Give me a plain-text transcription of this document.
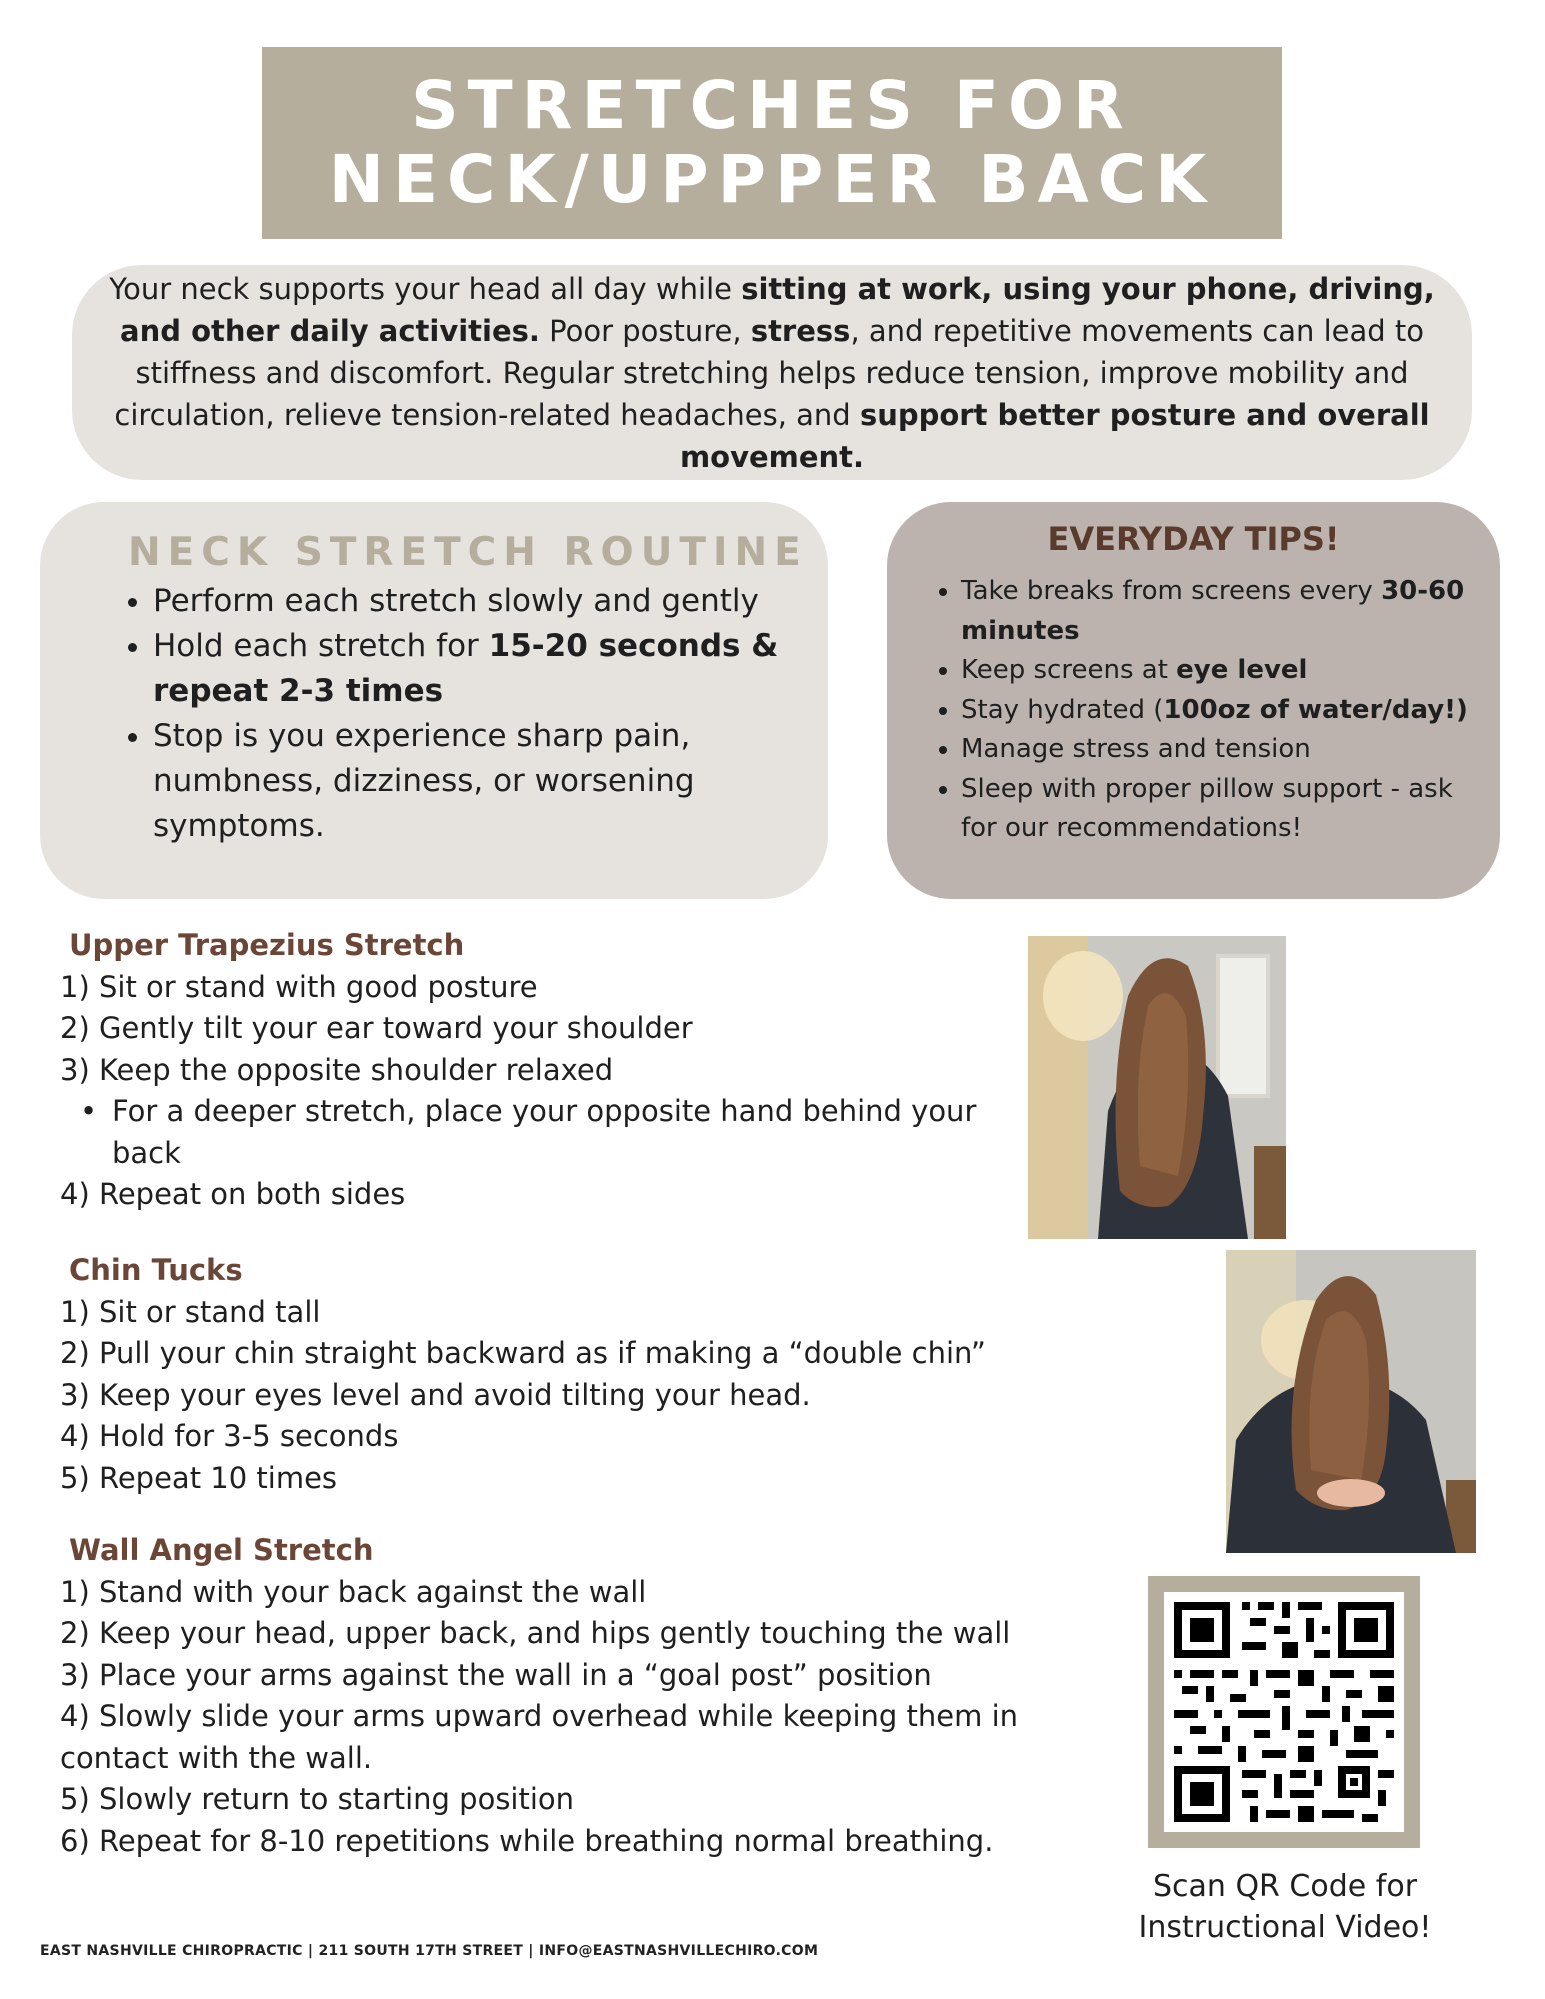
STRETCHES FOR
NECK/UPPPER BACK

Your neck supports your head all day while sitting at work, using your phone, driving, and other daily activities. Poor posture, stress, and repetitive movements can lead to stiffness and discomfort. Regular stretching helps reduce tension, improve mobility and circulation, relieve tension-related headaches, and support better posture and overall movement.

NECK STRETCH ROUTINE
• Perform each stretch slowly and gently
• Hold each stretch for 15-20 seconds & repeat 2-3 times
• Stop is you experience sharp pain, numbness, dizziness, or worsening symptoms.
EVERYDAY TIPS!
• Take breaks from screens every 30-60 minutes
• Keep screens at eye level
• Stay hydrated (100oz of water/day!)
• Manage stress and tension
• Sleep with proper pillow support - ask for our recommendations!
Upper Trapezius Stretch
1) Sit or stand with good posture
2) Gently tilt your ear toward your shoulder
3) Keep the opposite shoulder relaxed
• For a deeper stretch, place your opposite hand behind your back
4) Repeat on both sides
Chin Tucks
1) Sit or stand tall
2) Pull your chin straight backward as if making a “double chin”
3) Keep your eyes level and avoid tilting your head.
4) Hold for 3-5 seconds
5) Repeat 10 times
Wall Angel Stretch
1) Stand with your back against the wall
2) Keep your head, upper back, and hips gently touching the wall
3) Place your arms against the wall in a “goal post” position
4) Slowly slide your arms upward overhead while keeping them in contact with the wall.
5) Slowly return to starting position
6) Repeat for 8-10 repetitions while breathing normal breathing.
Scan QR Code for
Instructional Video!
EAST NASHVILLE CHIROPRACTIC | 211 SOUTH 17TH STREET | INFO@EASTNASHVILLECHIRO.COM
